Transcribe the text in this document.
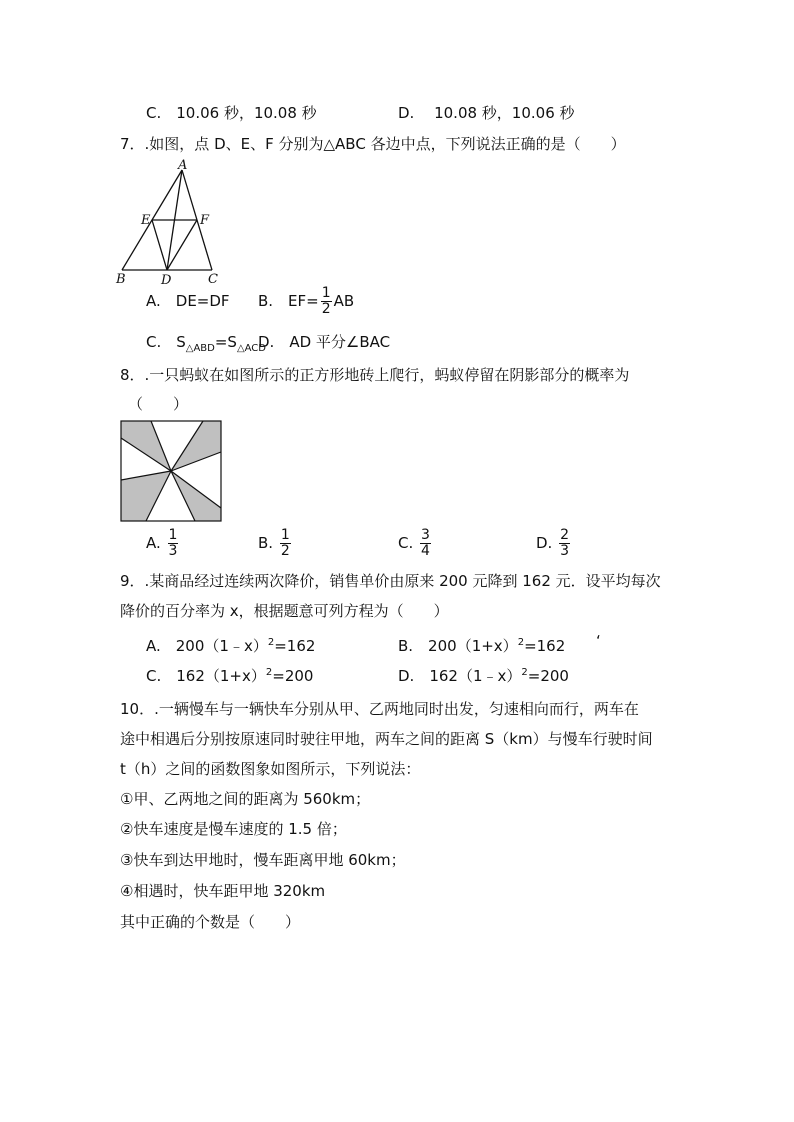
C.　10.06 秒，10.08 秒	D.　 10.08 秒，10.06 秒
7．.如图，点 D、E、F 分别为△ABC 各边中点，下列说法正确的是（　　）
A
E	F
B	D	C
A.　DE=DF B.　$EF= \frac{1}{2}$ AB
C.　$S_{\triangle ABD}=S_{\triangle ACD}$
D.　AD 平分∠BAC
8．.一只蚂蚁在如图所示的正方形地砖上爬行，蚂蚁停留在阴影部分的概率为
（　　）
A. $\frac{1}{3}$	B. $\frac{1}{2}$	C. $\frac{3}{4}$	D. $\frac{2}{3}$
9．.某商品经过连续两次降价，销售单价由原来 200 元降到 162 元．设平均每次
降价的百分率为 x，根据题意可列方程为（　　）
A.　200（1﹣x）$^2$=162	B.　$200(1+x)^2=162$ ‘
C.　$162(1+x)^2=200$	D.　162（1﹣x）$^2$=200
10．.一辆慢车与一辆快车分别从甲、乙两地同时出发，匀速相向而行，两车在
途中相遇后分别按原速同时驶往甲地，两车之间的距离 S（km）与慢车行驶时间
t（h）之间的函数图象如图所示，下列说法：
①甲、乙两地之间的距离为 560km；
②快车速度是慢车速度的 1.5 倍；
③快车到达甲地时，慢车距离甲地 60km；
④相遇时，快车距甲地 320km
其中正确的个数是（　　）
